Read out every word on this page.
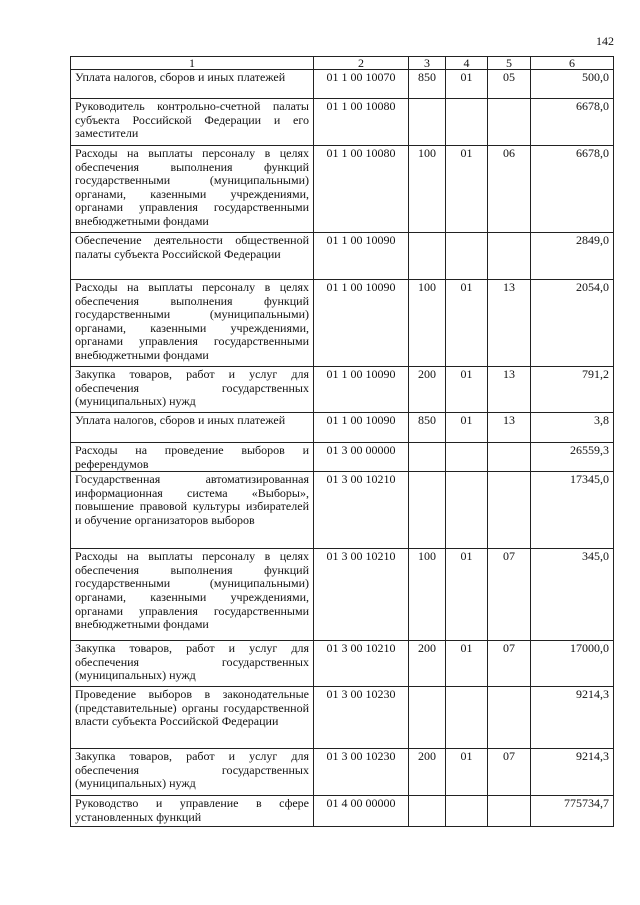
142
1	2	3	4	5	6
Уплата налогов, сборов и иных платежей	01 1 00 10070	850	01	05	500,0
Руководитель контрольно-счетной палаты субъекта Российской Федерации и его заместители	01 1 00 10080				6678,0
Расходы на выплаты персоналу в целях обеспечения выполнения функций государственными (муниципальными) органами, казенными учреждениями, органами управления государственными внебюджетными фондами	01 1 00 10080	100	01	06	6678,0
Обеспечение деятельности общественной палаты субъекта Российской Федерации	01 1 00 10090				2849,0
Расходы на выплаты персоналу в целях обеспечения выполнения функций государственными (муниципальными) органами, казенными учреждениями, органами управления государственными внебюджетными фондами	01 1 00 10090	100	01	13	2054,0
Закупка товаров, работ и услуг для обеспечения государственных (муниципальных) нужд	01 1 00 10090	200	01	13	791,2
Уплата налогов, сборов и иных платежей	01 1 00 10090	850	01	13	3,8
Расходы на проведение выборов и референдумов	01 3 00 00000				26559,3
Государственная автоматизированная информационная система «Выборы», повышение правовой культуры избирателей и обучение организаторов выборов	01 3 00 10210				17345,0
Расходы на выплаты персоналу в целях обеспечения выполнения функций государственными (муниципальными) органами, казенными учреждениями, органами управления государственными внебюджетными фондами	01 3 00 10210	100	01	07	345,0
Закупка товаров, работ и услуг для обеспечения государственных (муниципальных) нужд	01 3 00 10210	200	01	07	17000,0
Проведение выборов в законодательные (представительные) органы государственной власти субъекта Российской Федерации	01 3 00 10230				9214,3
Закупка товаров, работ и услуг для обеспечения государственных (муниципальных) нужд	01 3 00 10230	200	01	07	9214,3
Руководство и управление в сфере установленных функций	01 4 00 00000				775734,7
